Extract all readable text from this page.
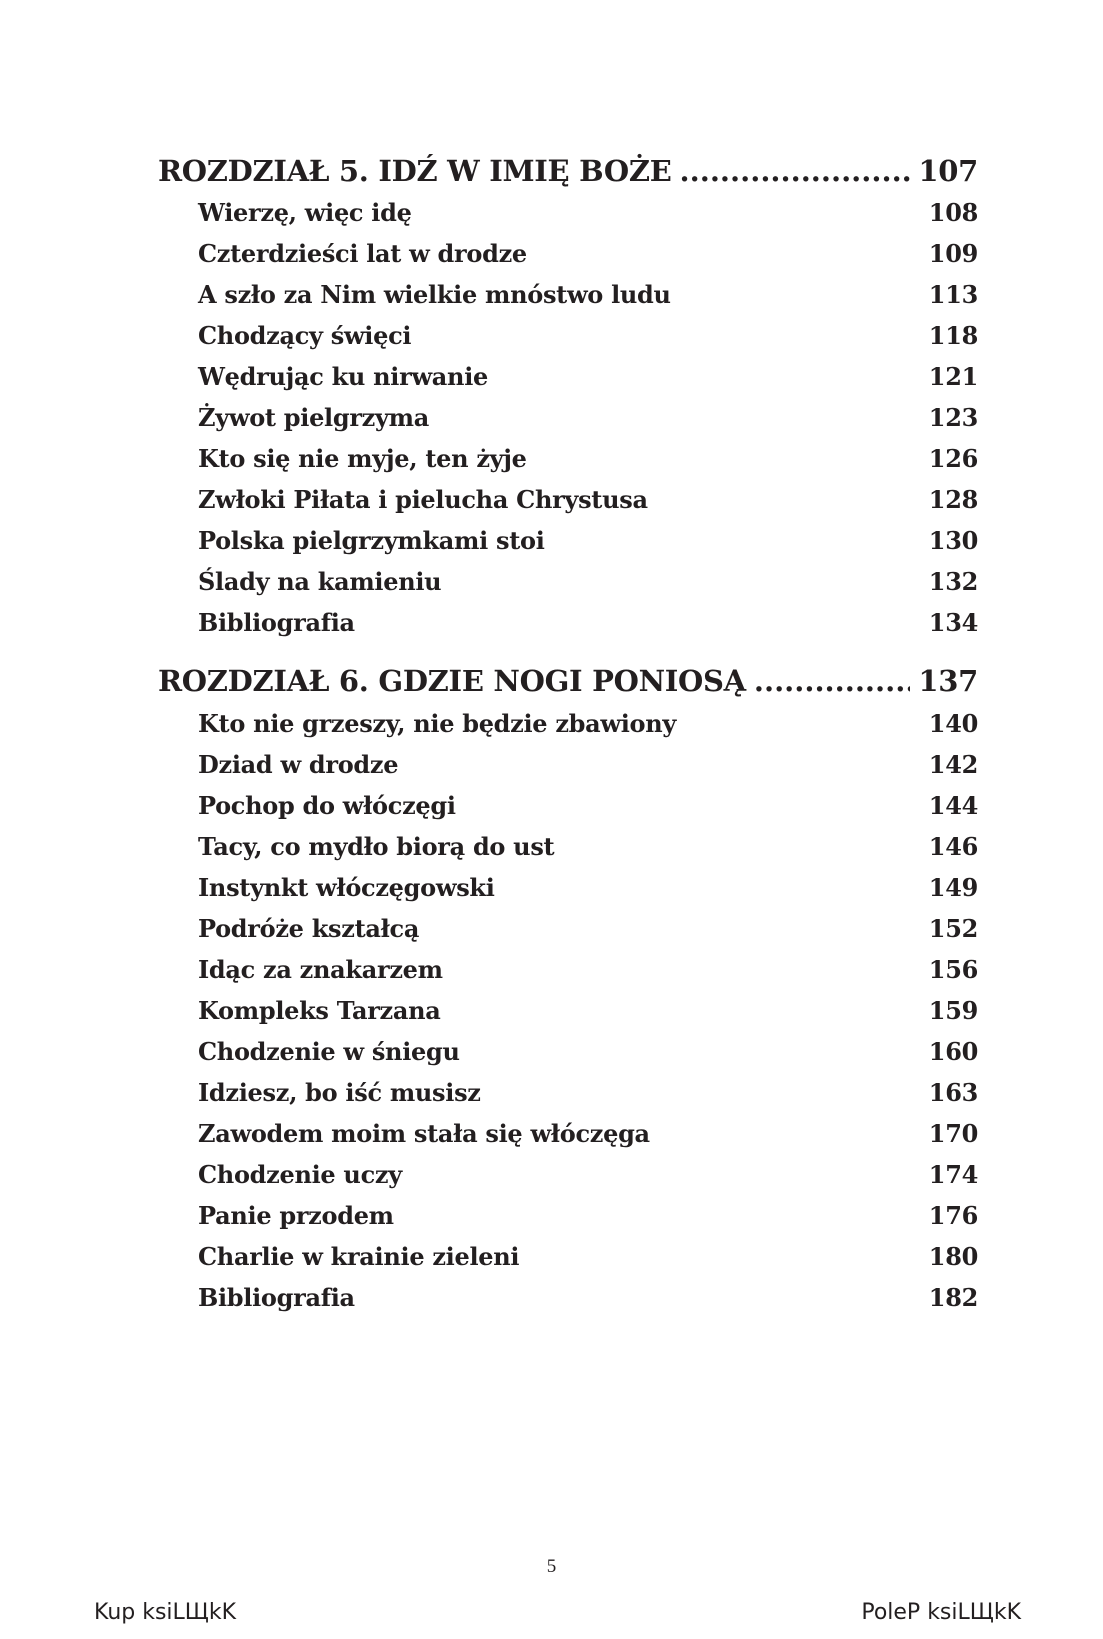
ROZDZIAŁ 5. IDŹ W IMIĘ BOŻE .....	107
Wierzę, więc idę	108
Czterdzieści lat w drodze	109
A szło za Nim wielkie mnóstwo ludu	113
Chodzący święci	118
Wędrując ku nirwanie	121
Żywot pielgrzyma	123
Kto się nie myje, ten żyje	126
Zwłoki Piłata i pielucha Chrystusa	128
Polska pielgrzymkami stoi	130
Ślady na kamieniu	132
Bibliografia	134
ROZDZIAŁ 6. GDZIE NOGI PONIOSĄ .....	137
Kto nie grzeszy, nie będzie zbawiony	140
Dziad w drodze	142
Pochop do włóczęgi	144
Tacy, co mydło biorą do ust	146
Instynkt włóczęgowski	149
Podróże kształcą	152
Idąc za znakarzem	156
Kompleks Tarzana	159
Chodzenie w śniegu	160
Idziesz, bo iść musisz	163
Zawodem moim stała się włóczęga	170
Chodzenie uczy	174
Panie przodem	176
Charlie w krainie zieleni	180
Bibliografia	182
5
Kup ksiLЩkK	PoleP ksiLЩkK
